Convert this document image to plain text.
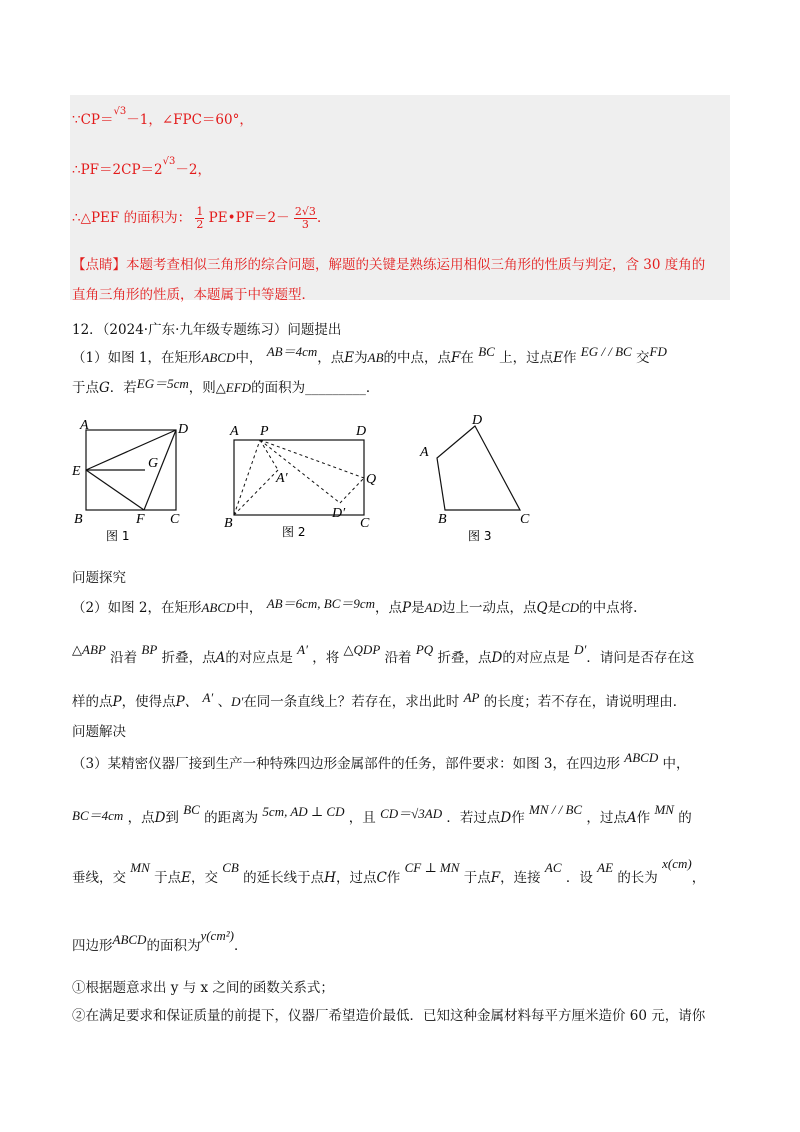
∵CP＝$^{√3}$－1，∠FPC＝60°，
$\therefore PF=2CP=2^{√3}-2$，
∴△PEF 的面积为： $\frac{1}{2}$ PE•PF＝2－ $\frac{2√3}{3}$ ．
【点睛】本题考查相似三角形的综合问题，解题的关键是熟练运用相似三角形的性质与判定，含 30 度角的
直角三角形的性质，本题属于中等题型．
12．（2024·广东·九年级专题练习）问题提出
（1）如图 1，在矩形ABCD中， AB＝4cm，点E为AB的中点，点F在 BC 上，过点E作 EG / / BC 交FD
于点G．若EG＝5cm，则△EFD的面积为_________．
A	D
E
G
B	F C
图 1
A P	D
A′	Q
D′
B	C
图 2
D
A
B	C
图 3
问题探究
（2）如图 2，在矩形ABCD中， AB＝6cm, BC＝9cm，点P是AD边上一动点，点Q是CD的中点将.
△ABP 沿着 BP 折叠，点A的对应点是 A′ ，将 △QDP 沿着 PQ 折叠，点D的对应点是 D′．请问是否存在这
样的点P，使得点P、 A′ 、D′在同一条直线上？若存在，求出此时 AP 的长度；若不存在，请说明理由．
问题解决
（3）某精密仪器厂接到生产一种特殊四边形金属部件的任务，部件要求：如图 3，在四边形 ABCD 中，
BC＝4cm ，点D到 BC 的距离为 5cm, AD ⊥ CD ，且 CD＝√3AD ．若过点D作 MN / / BC ，过点A作 MN 的
垂线，交 MN 于点E，交 CB 的延长线于点H，过点C作 CF ⊥ MN 于点F，连接 AC ．设 AE 的长为 x(cm)，
四边形ABCD的面积为y(cm²)．
①根据题意求出 y 与 x 之间的函数关系式；
②在满足要求和保证质量的前提下，仪器厂希望造价最低．已知这种金属材料每平方厘米造价 60 元，请你
